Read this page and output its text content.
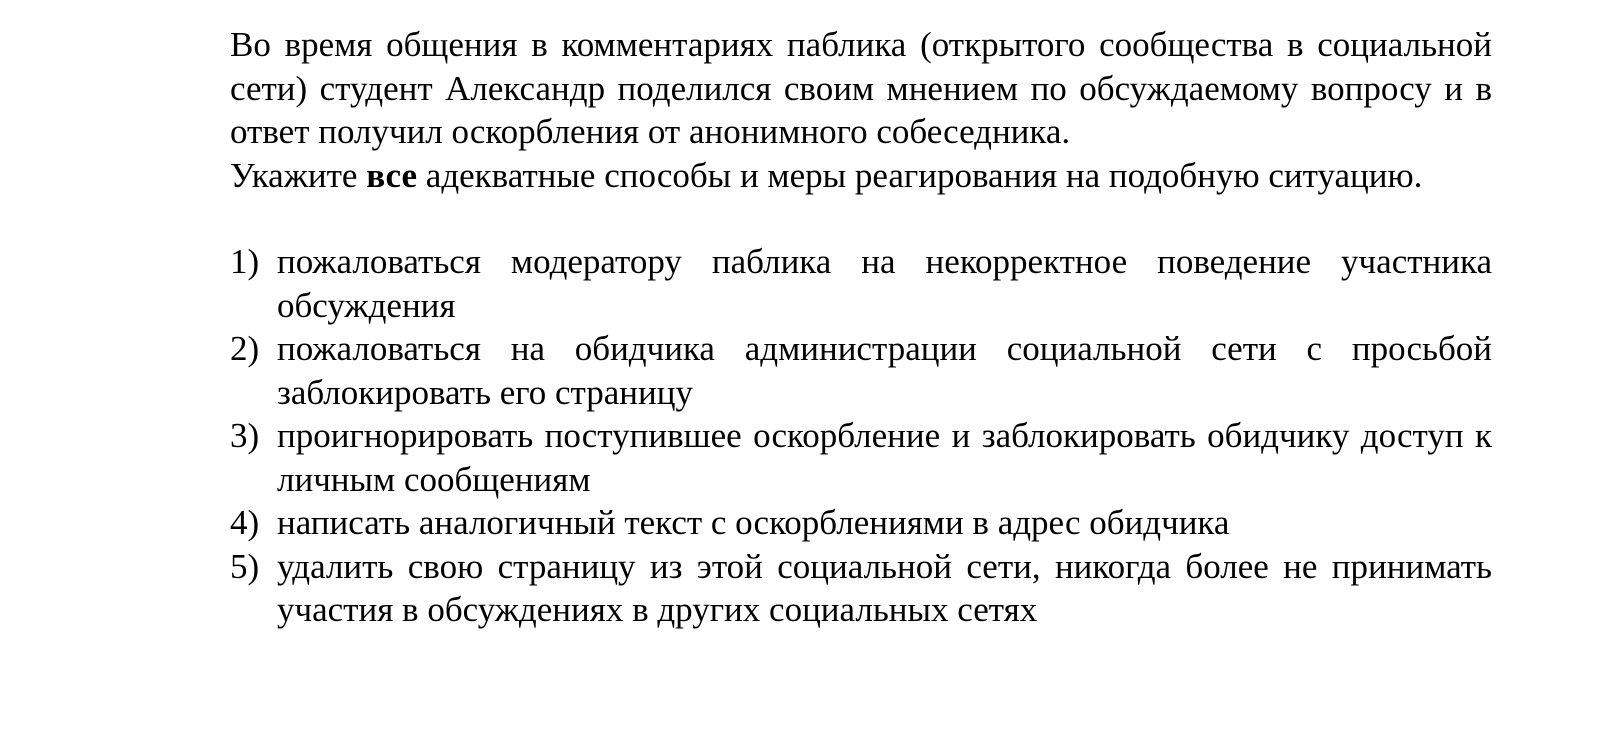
Во время общения в комментариях паблика (открытого сообщества в социальной сети) студент Александр поделился своим мнением по обсуждаемому вопросу и в ответ получил оскорбления от анонимного собеседника.

Укажите все адекватные способы и меры реагирования на подобную ситуацию.

1) пожаловаться модератору паблика на некорректное поведение участника обсуждения
2) пожаловаться на обидчика администрации социальной сети с просьбой заблокировать его страницу
3) проигнорировать поступившее оскорбление и заблокировать обидчику доступ к личным сообщениям
4) написать аналогичный текст с оскорблениями в адрес обидчика
5) удалить свою страницу из этой социальной сети, никогда более не принимать участия в обсуждениях в других социальных сетях
